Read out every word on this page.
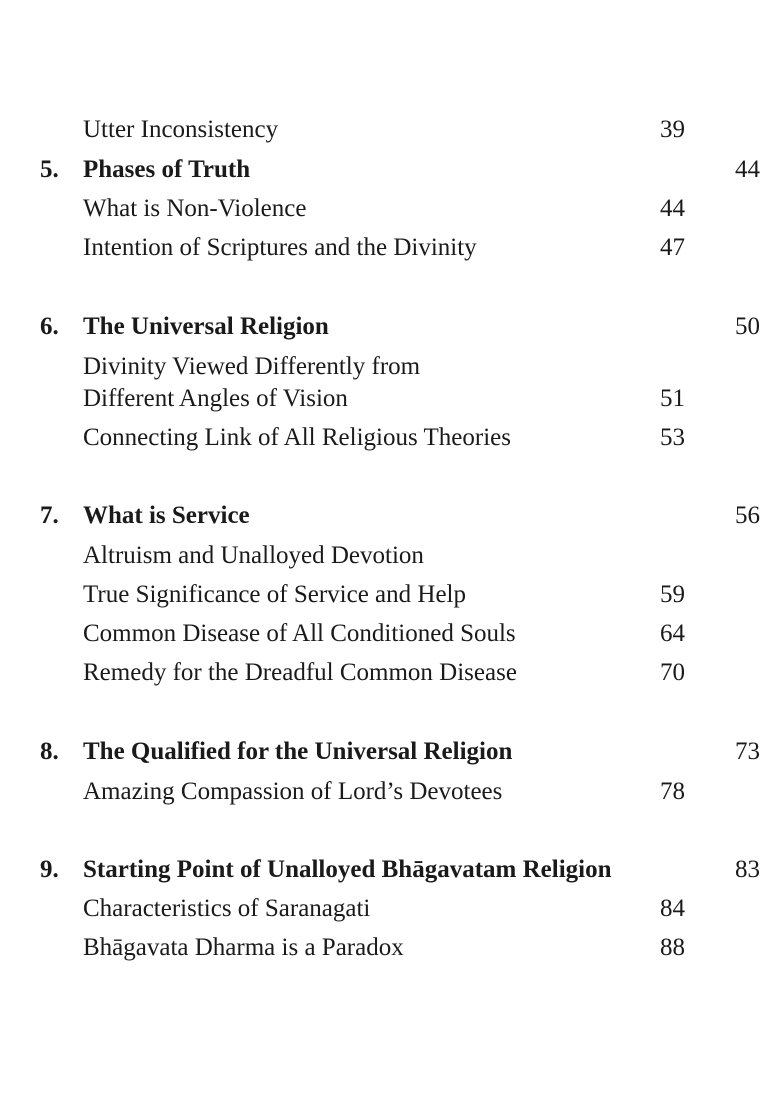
Utter Inconsistency	39
5. Phases of Truth	44
What is Non-Violence	44
Intention of Scriptures and the Divinity	47
6. The Universal Religion	50
Divinity Viewed Differently from
Different Angles of Vision	51
Connecting Link of All Religious Theories	53
7. What is Service	56
Altruism and Unalloyed Devotion
True Significance of Service and Help	59
Common Disease of All Conditioned Souls	64
Remedy for the Dreadful Common Disease	70
8. The Qualified for the Universal Religion	73
Amazing Compassion of Lord’s Devotees	78
9. Starting Point of Unalloyed Bhāgavatam Religion	83
Characteristics of Saranagati	84
Bhāgavata Dharma is a Paradox	88
